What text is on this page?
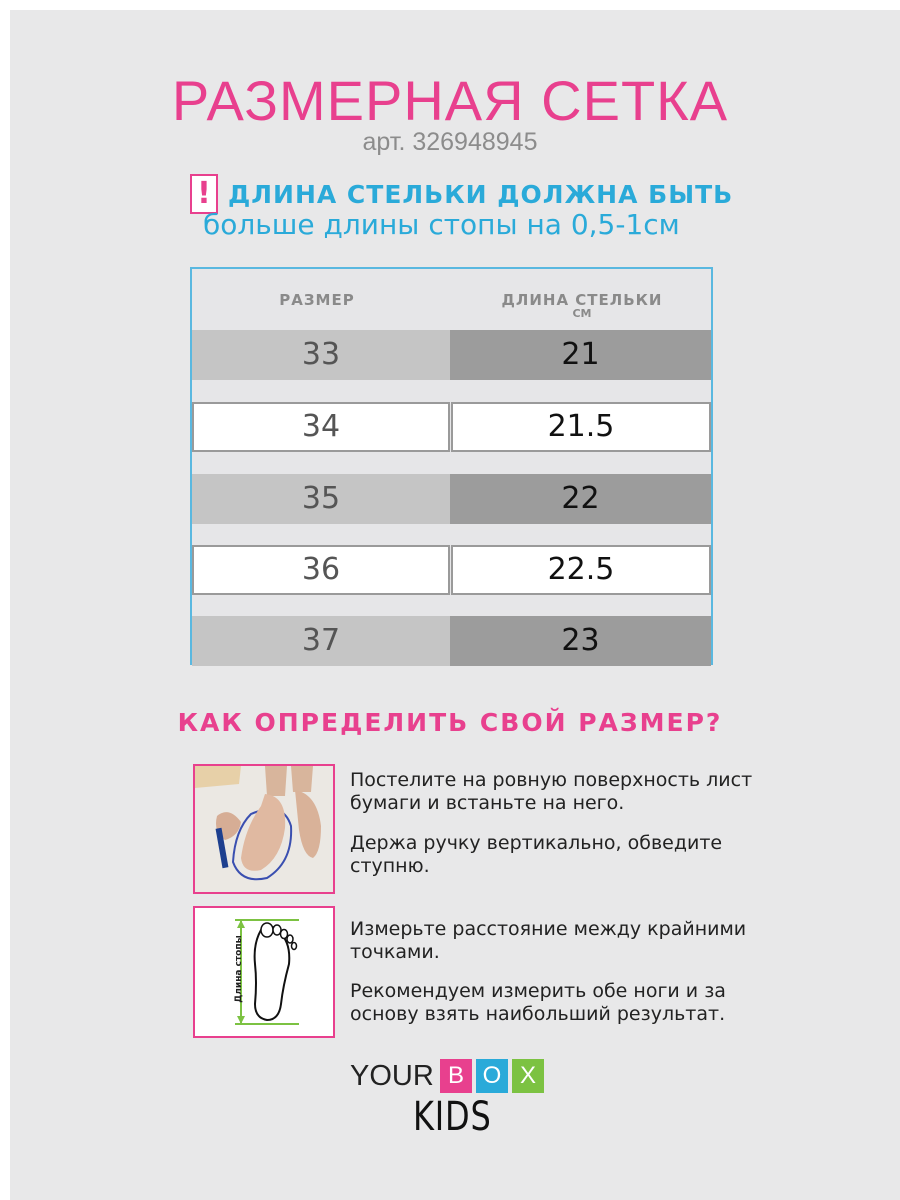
РАЗМЕРНАЯ СЕТКА
арт. 326948945
! ДЛИНА СТЕЛЬКИ ДОЛЖНА БЫТЬ
больше длины стопы на 0,5-1см
РАЗМЕР	ДЛИНА СТЕЛЬКИ
СМ
33	21
34	21.5
35	22
36	22.5
37	23
КАК ОПРЕДЕЛИТЬ СВОЙ РАЗМЕР?
Постелите на ровную поверхность лист бумаги и встаньте на него.
Держа ручку вертикально, обведите ступню.
Длина стопы
Измерьте расстояние между крайними точками.
Рекомендуем измерить обе ноги и за основу взять наибольший результат.
YOUR B O X
KIDS
